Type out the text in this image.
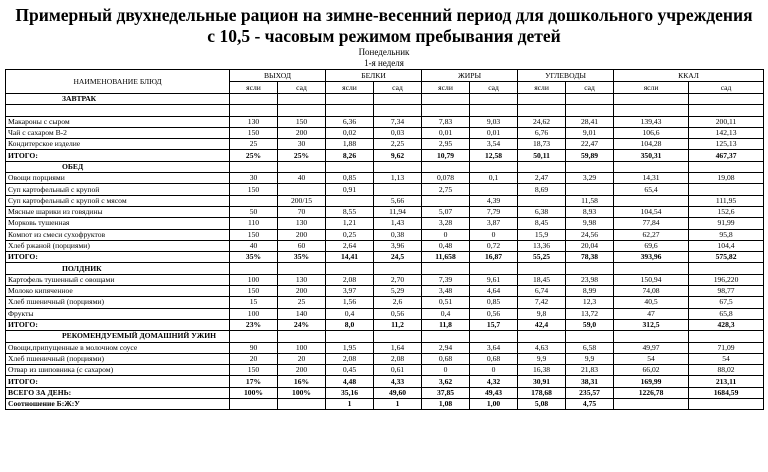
Примерный двухнедельные рацион на зимне-весенний период для дошкольного учреждения
с 10,5 - часовым режимом пребывания детей
Понедельник
1-я неделя
НАИМЕНОВАНИЕ БЛЮД	ВЫХОД		БЕЛКИ		ЖИРЫ		УГЛЕВОДЫ		ККАЛ	
	ясли	сад	ясли	сад	ясли	сад	ясли	сад	ясли	сад
ЗАВТРАК										

Макароны с сыром	130	150	6,36	7,34	7,83	9,03	24,62	28,41	139,43	200,11
Чай с сахаром В-2	150	200	0,02	0,03	0,01	0,01	6,76	9,01	106,6	142,13
Кондитерское изделие	25	30	1,88	2,25	2,95	3,54	18,73	22,47	104,28	125,13
ИТОГО:	25%	25%	8,26	9,62	10,79	12,58	50,11	59,89	350,31	467,37
ОБЕД										
Овощи порциями	30	40	0,85	1,13	0,078	0,1	2,47	3,29	14,31	19,08
Суп картофельный с крупой	150		0,91		2,75		8,69		65,4	
Суп картофельный с крупой с мясом		200/15		5,66		4,39		11,58		111,95
Мясные шарики из говядины	50	70	8,55	11,94	5,07	7,79	6,38	8,93	104,54	152,6
Морковь тушенная	110	130	1,21	1,43	3,28	3,87	8,45	9,98	77,84	91,99
Компот из смеси сухофруктов	150	200	0,25	0,38	0	0	15,9	24,56	62,27	95,8
Хлеб ржаной (порциями)	40	60	2,64	3,96	0,48	0,72	13,36	20,04	69,6	104,4
ИТОГО:	35%	35%	14,41	24,5	11,658	16,87	55,25	78,38	393,96	575,82
ПОЛДНИК										
Картофель тушенный с овощами	100	130	2,08	2,70	7,39	9,61	18,45	23,98	150,94	196,220
Молоко кипяченное	150	200	3,97	5,29	3,48	4,64	6,74	8,99	74,08	98,77
Хлеб пшеничный (порциями)	15	25	1,56	2,6	0,51	0,85	7,42	12,3	40,5	67,5
Фрукты	100	140	0,4	0,56	0,4	0,56	9,8	13,72	47	65,8
ИТОГО:	23%	24%	8,0	11,2	11,8	15,7	42,4	59,0	312,5	428,3
РЕКОМЕНДУЕМЫЙ ДОМАШНИЙ УЖИН										
Овощи,припущенные в молочном соусе	90	100	1,95	1,64	2,94	3,64	4,63	6,58	49,97	71,09
Хлеб пшеничный (порциями)	20	20	2,08	2,08	0,68	0,68	9,9	9,9	54	54
Отвар из шиповника (с сахаром)	150	200	0,45	0,61	0	0	16,38	21,83	66,02	88,02
ИТОГО:	17%	16%	4,48	4,33	3,62	4,32	30,91	38,31	169,99	213,11
ВСЕГО ЗА ДЕНЬ:	100%	100%	35,16	49,60	37,85	49,43	178,68	235,57	1226,78	1684,59
Соотношение Б:Ж:У			1	1	1,08	1,00	5,08	4,75		
